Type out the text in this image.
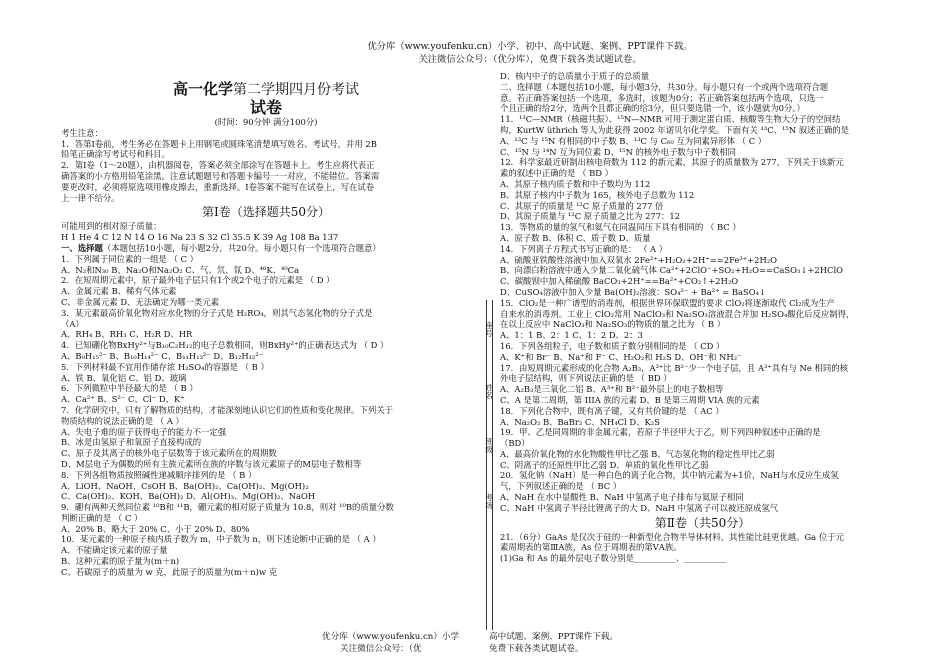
优分库（www.youfenku.cn）小学、初中、高中试题、案例、PPT课件下载。
关注微信公众号：（优分库），免费下载各类试题试卷。
高一化学第二学期四月份考试
试卷

(时间：90分钟 满分100分)

考生注意：

1．答第Ⅰ卷前，考生务必在答题卡上用钢笔或圆珠笔清楚填写姓名、考试号，并用 2B

铅笔正确涂写考试号和科目。

2．第Ⅰ卷（1～20题），由机器阅卷，答案必须全部涂写在答题卡上。考生应将代表正

确答案的小方格用铅笔涂黑。注意试题题号和答题卡编号一一对应，不能错位。答案需

要更改时，必须将原选项用橡皮擦去，重新选择。Ⅰ卷答案不能写在试卷上，写在试卷

上一律不给分。

第Ⅰ卷（选择题共50分）

可能用到的相对原子质量：

H 1 He 4 C 12 N 14 O 16 Na 23 S 32 Cl 35.5 K 39 Ag 108 Ba 137

一、选择题（本题包括10小题，每小题2分，共20分。每小题只有一个选项符合题意）

1．下列属于同位素的一组是 （ C ）

A、N₂和N₃₀ B、Na₂O和Na₂O₂ C、气、氘、氚 D、⁴⁰K、⁴⁰Ca

2．在短周期元素中，原子最外电子层只有1个或2个电子的元素是 （ D ）

A、金属元素 B、稀有气体元素

C、非金属元素 D、无法确定为哪一类元素

3．某元素最高价氧化物对应水化物的分子式是 H₂RO₄，则其气态氢化物的分子式是

（A）

A、RH₄ B、RH₃ C、H₂R D、HR

4．已知硼化物BxHy²⁺与B₁₀C₂H₁₂的电子总数相同，则BxHy²⁺的正确表达式为 （ D ）

A、B₉H₁₅²⁻ B、B₁₀H₁₄²⁻ C、B₁₁H₁₃²⁻ D、B₁₂H₁₂²⁻

5．下列材料最不宜用作储存浓 H₂SO₄的容器是 （ B ）

A、铁 B、氧化铝 C、铝 D、玻璃

6．下列微粒中半径最大的是 （ B ）

A、Ca²⁺ B、S²⁻ C、Cl⁻ D、K⁺

7．化学研究中，只有了解物质的结构，才能深刻地认识它们的性质和变化规律。下列关于

物质结构的说法正确的是 （ A ）

A、失电子难的原子获得电子的能力不一定强

B、冰是由氢原子和氧原子直接构成的

C、原子及其离子的核外电子层数等于该元素所在的周期数

D、M层电子为偶数的所有主族元素所在族的序数与该元素原子的M层电子数相等

8．下列各组物质按照碱性递减顺序排列的是 （ B ）

A、LiOH、NaOH、CsOH B、Ba(OH)₂、Ca(OH)₂、Mg(OH)₂

C、Ca(OH)₂、KOH、Ba(OH)₂ D、Al(OH)₃、Mg(OH)₂、NaOH

9．硼有两种天然同位素 ¹⁰B和 ¹¹B，硼元素的相对原子质量为 10.8，则对 ¹⁰B的质量分数

判断正确的是 （ C ）

A、20% B、略大于 20% C、小于 20% D、80%

10．某元素的一种原子核内质子数为 m，中子数为 n，则下述论断中正确的是 （ A ）

A、不能确定该元素的原子量

B、这种元素的原子量为(m＋n)

C、若碳原子的质量为 w 克，此原子的质量为(m＋n)w 克

座号
姓名
班级
考场

D、核内中子的总质量小于质子的总质量

二、选择题（本题包括10小题，每小题3分，共30分。每小题只有一个或两个选项符合题

意。若正确答案包括一个选项，多选时，该题为0分；若正确答案包括两个选项，只选一

个且正确的给2分，选两个且都正确的给3分，但只要选错一个，该小题就为0分。）

11．¹³C—NMR（核磁共振）、¹⁵N—NMR 可用于测定蛋白质、核酸等生物大分子的空间结

构，KurtW üthrich 等人为此获得 2002 年诺贝尔化学奖。下面有关 ¹³C、¹⁵N 叙述正确的是

A、¹³C 与 ¹⁵N 有相同的中子数 B、¹³C 与 C₆₀ 互为同素异形体 （ C ）

C、¹⁵N 与 ¹⁴N 互为同位素 D、¹⁵N 的核外电子数与中子数相同

12．科学家最近研制出核电荷数为 112 的新元素，其原子的质量数为 277，下列关于该新元

素的叙述中正确的是 （ BD ）

A、其原子核内质子数和中子数均为 112

B、其原子核内中子数为 165，核外电子总数为 112

C、其原子的质量是 ¹²C 原子质量的 277 倍

D、其原子质量与 ¹²C 原子质量之比为 277：12

13．等物质的量的氢气和氦气在同温同压下具有相同的 （ BC ）

A、原子数 B、体积 C、质子数 D、质量

14．下列离子方程式书写正确的是： （ A ）

A、硫酸亚铁酸性溶液中加入双氧水 2Fe²⁺+H₂O₂+2H⁺==2Fe³⁺+2H₂O

B、向漂白粉溶液中通入少量二氧化硫气体 Ca²⁺+2ClO⁻+SO₂+H₂O==CaSO₃↓+2HClO

C、碳酸钡中加入稀硫酸 BaCO₃+2H⁺==Ba²⁺+CO₂↑+2H₂O

D、CuSO₄溶液中加入少量 Ba(OH)₂溶液：SO₄²⁻ + Ba²⁺ = BaSO₄↓

15．ClO₂是一种广谱型的消毒剂，根据世界环保联盟的要求 ClO₂将逐渐取代 Cl₂成为生产

自来水的消毒剂。工业上 ClO₂常用 NaClO₃和 Na₂SO₃溶液混合并加 H₂SO₄酸化后反应制得，

在以上反应中 NaClO₃和 Na₂SO₃的物质的量之比为 （ B ）

A、1：1 B、2：1 C、1：2 D、2：3

16．下列各组粒子，电子数和质子数分别相同的是 （ CD ）

A、K⁺和 Br⁻ B、Na⁺和 F⁻ C、H₂O₂和 H₂S D、OH⁻和 NH₂⁻

17．由短周期元素形成的化合物 A₂B₃，A³⁺比 B²⁻少一个电子层，且 A³⁺具有与 Ne 相同的核

外电子层结构，则下列说法正确的是 （ BD ）

A、A₂B₃是三氧化二铝 B、A³⁺和 B²⁻最外层上的电子数相等

C、A 是第二周期，第 IIIA 族的元素 D、B 是第三周期 VIA 族的元素

18．下列化合物中，既有离子键，又有共价键的是 （ AC ）

A、Na₂O₂ B、BaBr₂ C、NH₄Cl D、K₂S

19．甲、乙是同周期的非金属元素，若原子半径甲大于乙，则下列四种叙述中正确的是

（BD）

A、最高价氧化物的水化物酸性甲比乙强 B、气态氢化物的稳定性甲比乙弱

C、阴离子的还原性甲比乙弱 D、单质的氧化性甲比乙弱

20．氢化钠（NaH）是一种白色的离子化合物，其中钠元素为+1价，NaH与水反应生成氢

气，下列叙述正确的是 （ BC ）

A、NaH 在水中显酸性 B、NaH 中氢离子电子排布与氦原子相同

C、NaH 中氢离子半径比锂离子的大 D、NaH 中氢离子可以被还原成氢气

第Ⅱ卷（共50分）

21．（6分）GaAs 是仅次于硅的一种新型化合物半导体材料，其性能比硅更优越。Ga 位于元

素周期表的第ⅢA族，As 位于周期表的第ⅤA族。

(1)Ga 和 As 的最外层电子数分别是__________、__________

优分库（www.youfenku.cn）小学
关注微信公众号：（优
高中试题、案例、PPT课件下载。
免费下载各类试题试卷。
